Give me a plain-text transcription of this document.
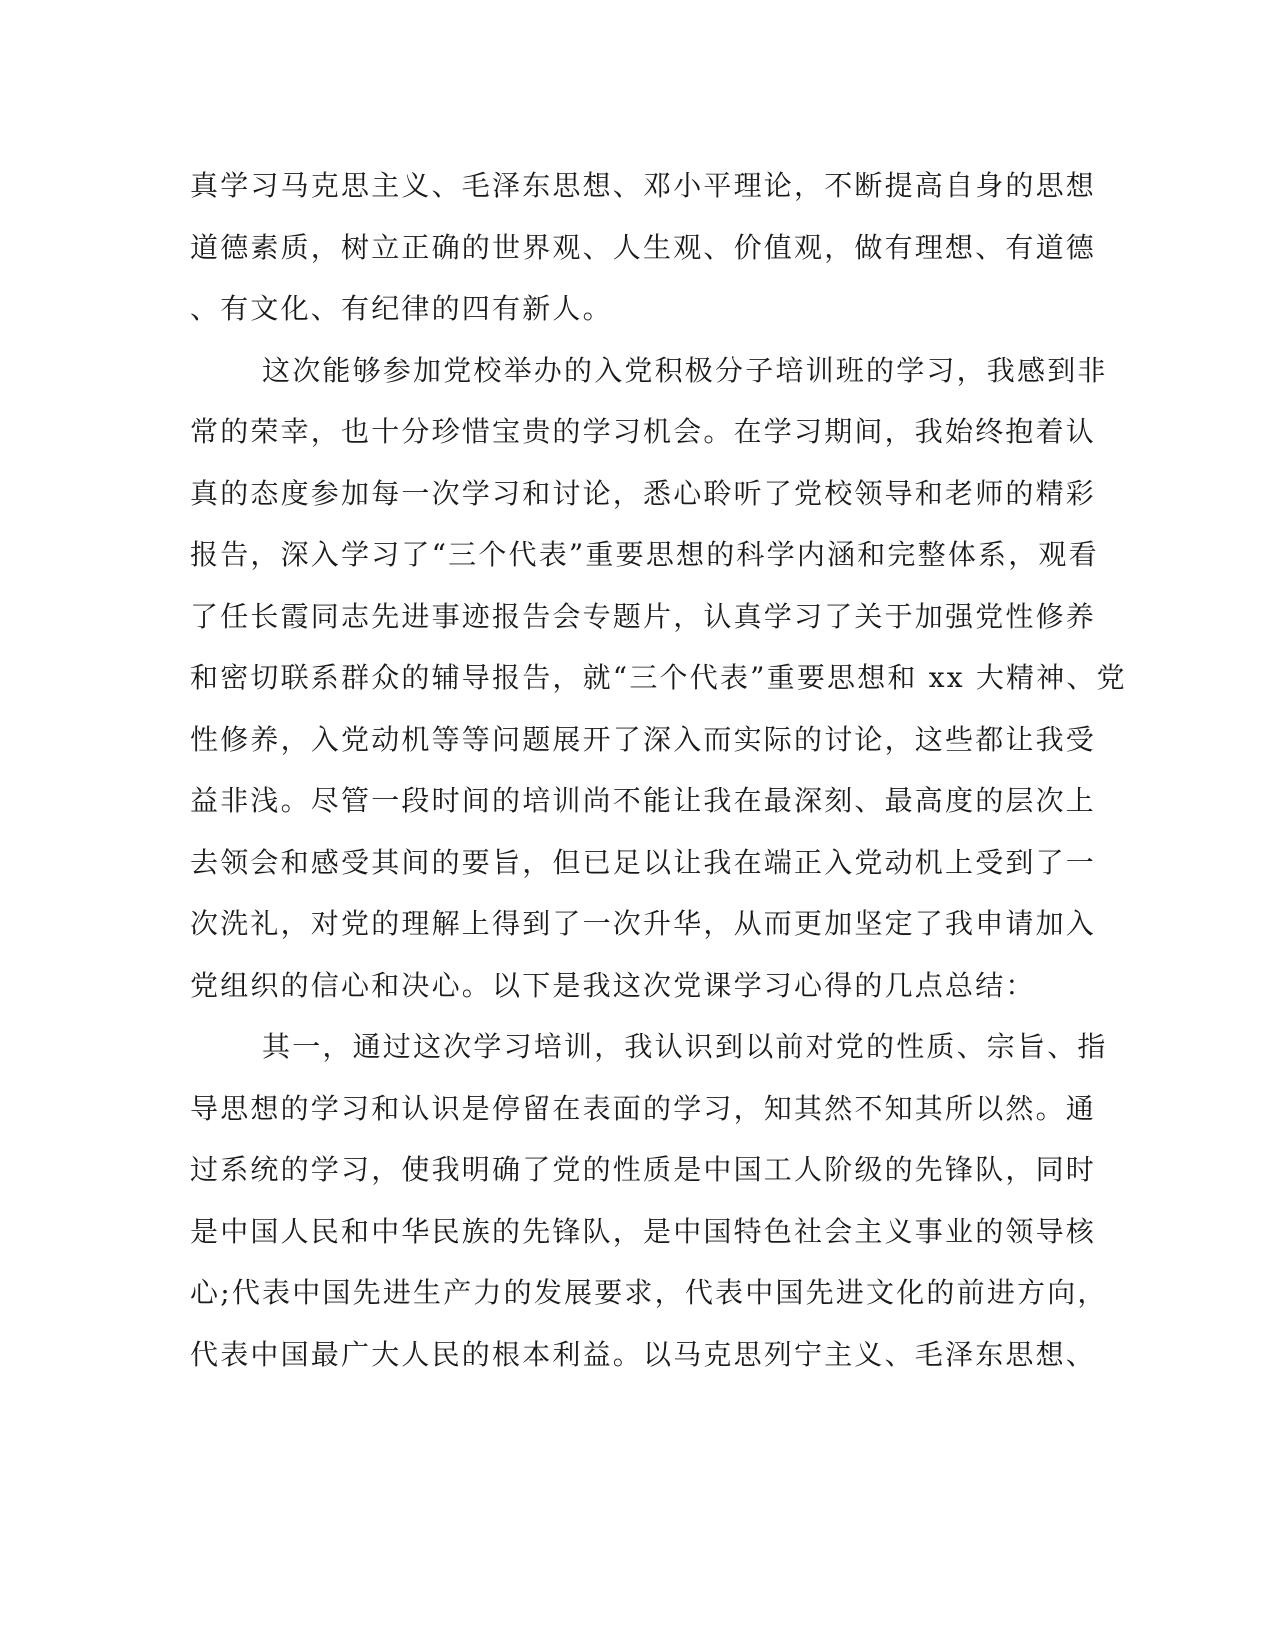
真学习马克思主义、毛泽东思想、邓小平理论，不断提高自身的思想
道德素质，树立正确的世界观、人生观、价值观，做有理想、有道德
、有文化、有纪律的四有新人。
这次能够参加党校举办的入党积极分子培训班的学习，我感到非
常的荣幸，也十分珍惜宝贵的学习机会。在学习期间，我始终抱着认
真的态度参加每一次学习和讨论，悉心聆听了党校领导和老师的精彩
报告，深入学习了“三个代表”重要思想的科学内涵和完整体系，观看
了任长霞同志先进事迹报告会专题片，认真学习了关于加强党性修养
和密切联系群众的辅导报告，就“三个代表”重要思想和 xx 大精神、党
性修养，入党动机等等问题展开了深入而实际的讨论，这些都让我受
益非浅。尽管一段时间的培训尚不能让我在最深刻、最高度的层次上
去领会和感受其间的要旨，但已足以让我在端正入党动机上受到了一
次洗礼，对党的理解上得到了一次升华，从而更加坚定了我申请加入
党组织的信心和决心。以下是我这次党课学习心得的几点总结：
其一，通过这次学习培训，我认识到以前对党的性质、宗旨、指
导思想的学习和认识是停留在表面的学习，知其然不知其所以然。通
过系统的学习，使我明确了党的性质是中国工人阶级的先锋队，同时
是中国人民和中华民族的先锋队，是中国特色社会主义事业的领导核
心;代表中国先进生产力的发展要求，代表中国先进文化的前进方向，
代表中国最广大人民的根本利益。以马克思列宁主义、毛泽东思想、
